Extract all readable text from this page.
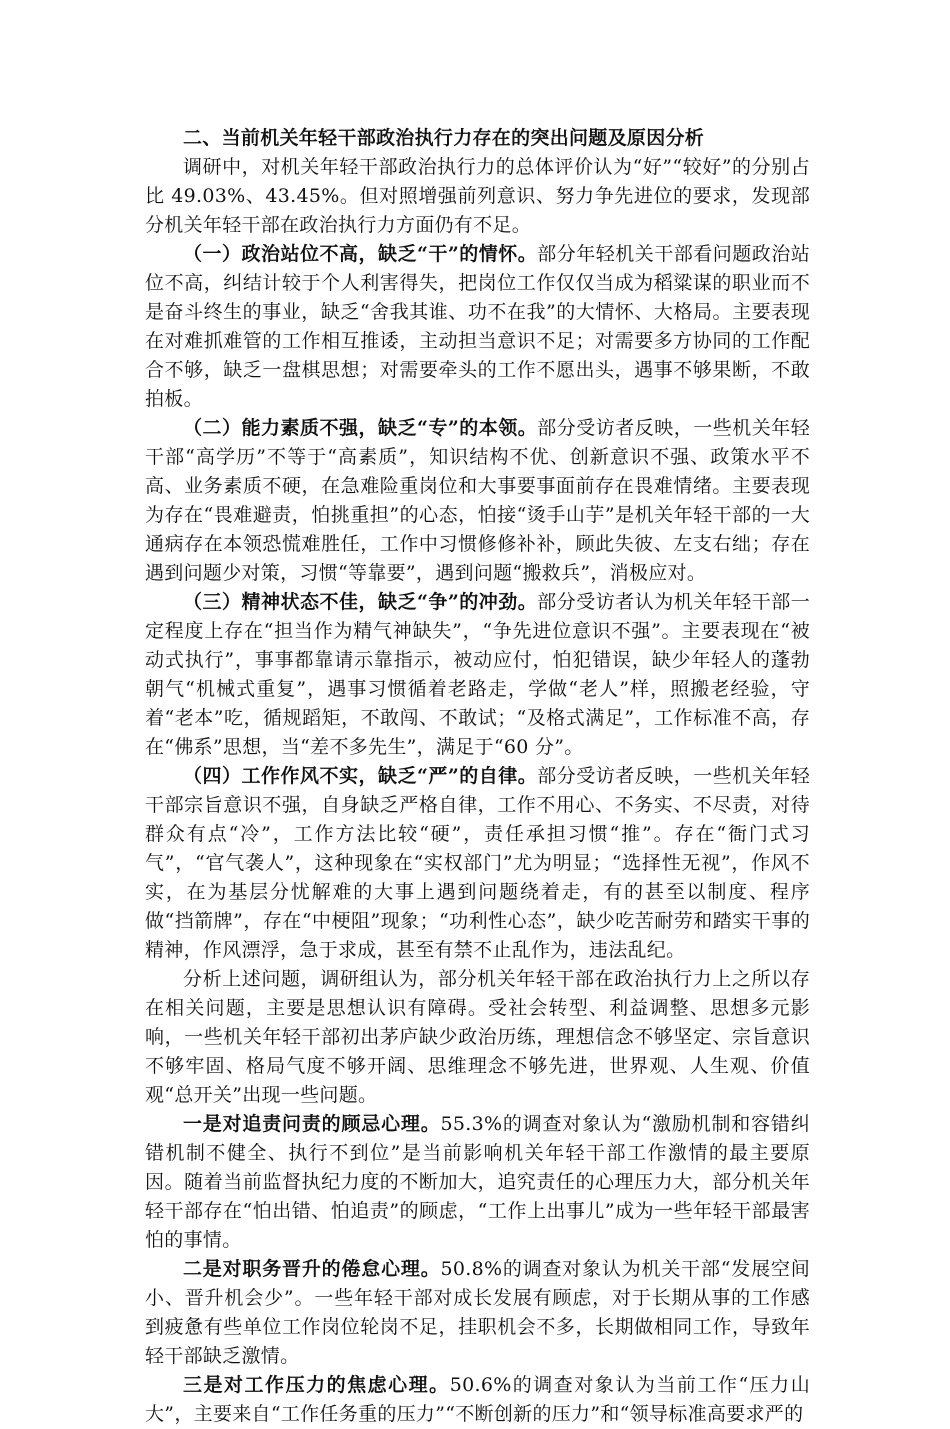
二、当前机关年轻干部政治执行力存在的突出问题及原因分析

调研中，对机关年轻干部政治执行力的总体评价认为“好”“较好”的分别占比 49.03%、43.45%。但对照增强前列意识、努力争先进位的要求，发现部分机关年轻干部在政治执行力方面仍有不足。

（一）政治站位不高，缺乏“干”的情怀。部分年轻机关干部看问题政治站位不高，纠结计较于个人利害得失，把岗位工作仅仅当成为稻粱谋的职业而不是奋斗终生的事业，缺乏“舍我其谁、功不在我”的大情怀、大格局。主要表现在对难抓难管的工作相互推诿，主动担当意识不足；对需要多方协同的工作配合不够，缺乏一盘棋思想；对需要牵头的工作不愿出头，遇事不够果断，不敢拍板。

（二）能力素质不强，缺乏“专”的本领。部分受访者反映，一些机关年轻干部“高学历”不等于“高素质”，知识结构不优、创新意识不强、政策水平不高、业务素质不硬，在急难险重岗位和大事要事面前存在畏难情绪。主要表现为存在“畏难避责，怕挑重担”的心态，怕接“烫手山芋”是机关年轻干部的一大通病存在本领恐慌难胜任，工作中习惯修修补补，顾此失彼、左支右绌；存在遇到问题少对策，习惯“等靠要”，遇到问题“搬救兵”，消极应对。

（三）精神状态不佳，缺乏“争”的冲劲。部分受访者认为机关年轻干部一定程度上存在“担当作为精气神缺失”，“争先进位意识不强”。主要表现在“被动式执行”，事事都靠请示靠指示，被动应付，怕犯错误，缺少年轻人的蓬勃朝气“机械式重复”，遇事习惯循着老路走，学做“老人”样，照搬老经验，守着“老本”吃，循规蹈矩，不敢闯、不敢试；“及格式满足”，工作标准不高，存在“佛系”思想，当“差不多先生”，满足于“60 分”。

（四）工作作风不实，缺乏“严”的自律。部分受访者反映，一些机关年轻干部宗旨意识不强，自身缺乏严格自律，工作不用心、不务实、不尽责，对待群众有点“冷”，工作方法比较“硬”，责任承担习惯“推”。存在“衙门式习气”，“官气袭人”，这种现象在“实权部门”尤为明显；“选择性无视”，作风不实，在为基层分忧解难的大事上遇到问题绕着走，有的甚至以制度、程序做“挡箭牌”，存在“中梗阻”现象；“功利性心态”，缺少吃苦耐劳和踏实干事的精神，作风漂浮，急于求成，甚至有禁不止乱作为，违法乱纪。

分析上述问题，调研组认为，部分机关年轻干部在政治执行力上之所以存在相关问题，主要是思想认识有障碍。受社会转型、利益调整、思想多元影响，一些机关年轻干部初出茅庐缺少政治历练，理想信念不够坚定、宗旨意识不够牢固、格局气度不够开阔、思维理念不够先进，世界观、人生观、价值观“总开关”出现一些问题。

一是对追责问责的顾忌心理。55.3%的调查对象认为“激励机制和容错纠错机制不健全、执行不到位”是当前影响机关年轻干部工作激情的最主要原因。随着当前监督执纪力度的不断加大，追究责任的心理压力大，部分机关年轻干部存在“怕出错、怕追责”的顾虑，“工作上出事儿”成为一些年轻干部最害怕的事情。

二是对职务晋升的倦怠心理。50.8%的调查对象认为机关干部“发展空间小、晋升机会少”。一些年轻干部对成长发展有顾虑，对于长期从事的工作感到疲惫有些单位工作岗位轮岗不足，挂职机会不多，长期做相同工作，导致年轻干部缺乏激情。

三是对工作压力的焦虑心理。50.6%的调查对象认为当前工作“压力山大”，主要来自“工作任务重的压力”“不断创新的压力”和“领导标准高要求严的
